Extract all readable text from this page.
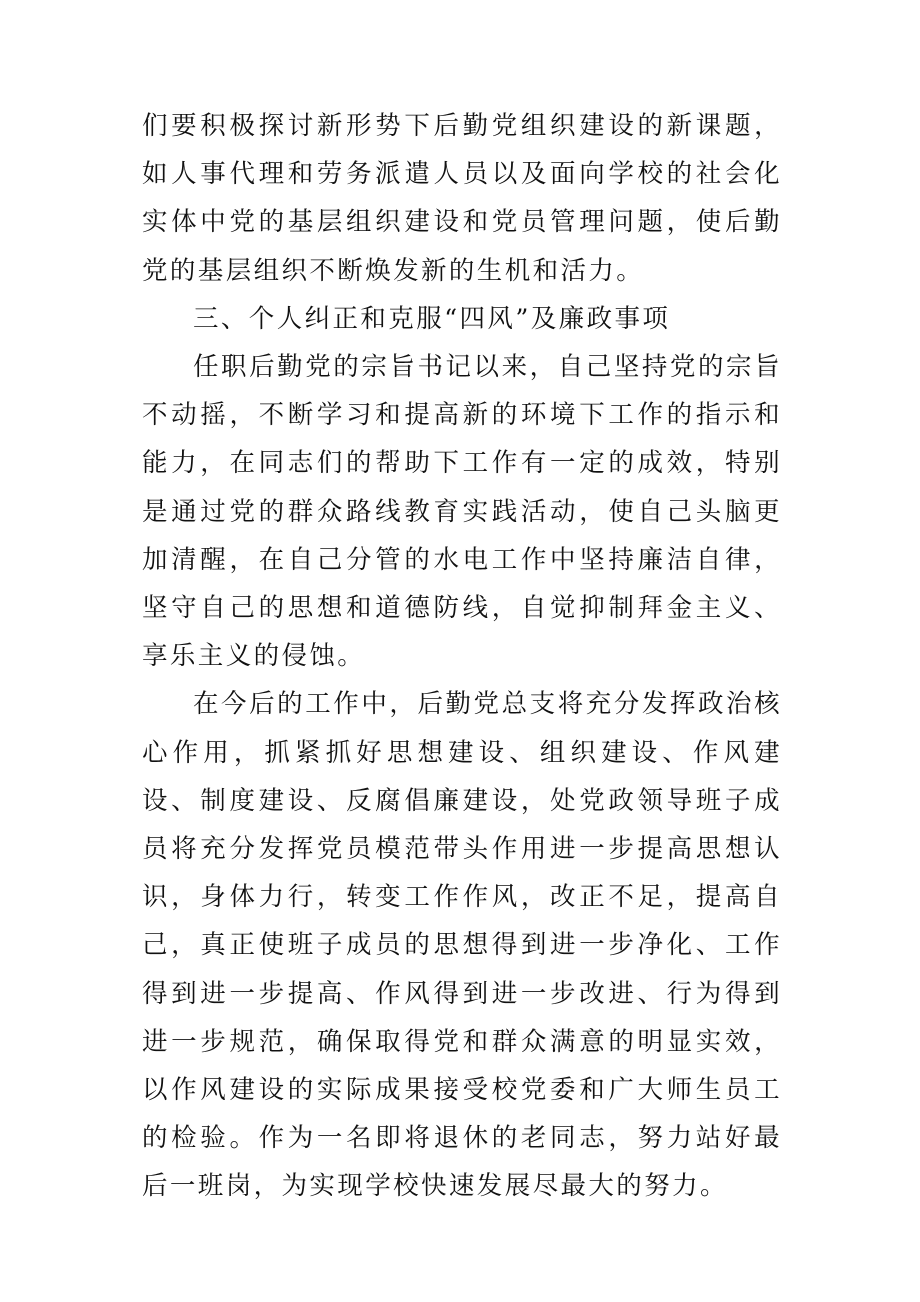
们要积极探讨新形势下后勤党组织建设的新课题，如人事代理和劳务派遣人员以及面向学校的社会化实体中党的基层组织建设和党员管理问题，使后勤党的基层组织不断焕发新的生机和活力。

三、个人纠正和克服“四风”及廉政事项

任职后勤党的宗旨书记以来，自己坚持党的宗旨不动摇，不断学习和提高新的环境下工作的指示和能力，在同志们的帮助下工作有一定的成效，特别是通过党的群众路线教育实践活动，使自己头脑更加清醒，在自己分管的水电工作中坚持廉洁自律，坚守自己的思想和道德防线，自觉抑制拜金主义、享乐主义的侵蚀。

在今后的工作中，后勤党总支将充分发挥政治核心作用，抓紧抓好思想建设、组织建设、作风建设、制度建设、反腐倡廉建设，处党政领导班子成员将充分发挥党员模范带头作用进一步提高思想认识，身体力行，转变工作作风，改正不足，提高自己，真正使班子成员的思想得到进一步净化、工作得到进一步提高、作风得到进一步改进、行为得到进一步规范，确保取得党和群众满意的明显实效，以作风建设的实际成果接受校党委和广大师生员工的检验。作为一名即将退休的老同志，努力站好最后一班岗，为实现学校快速发展尽最大的努力。
